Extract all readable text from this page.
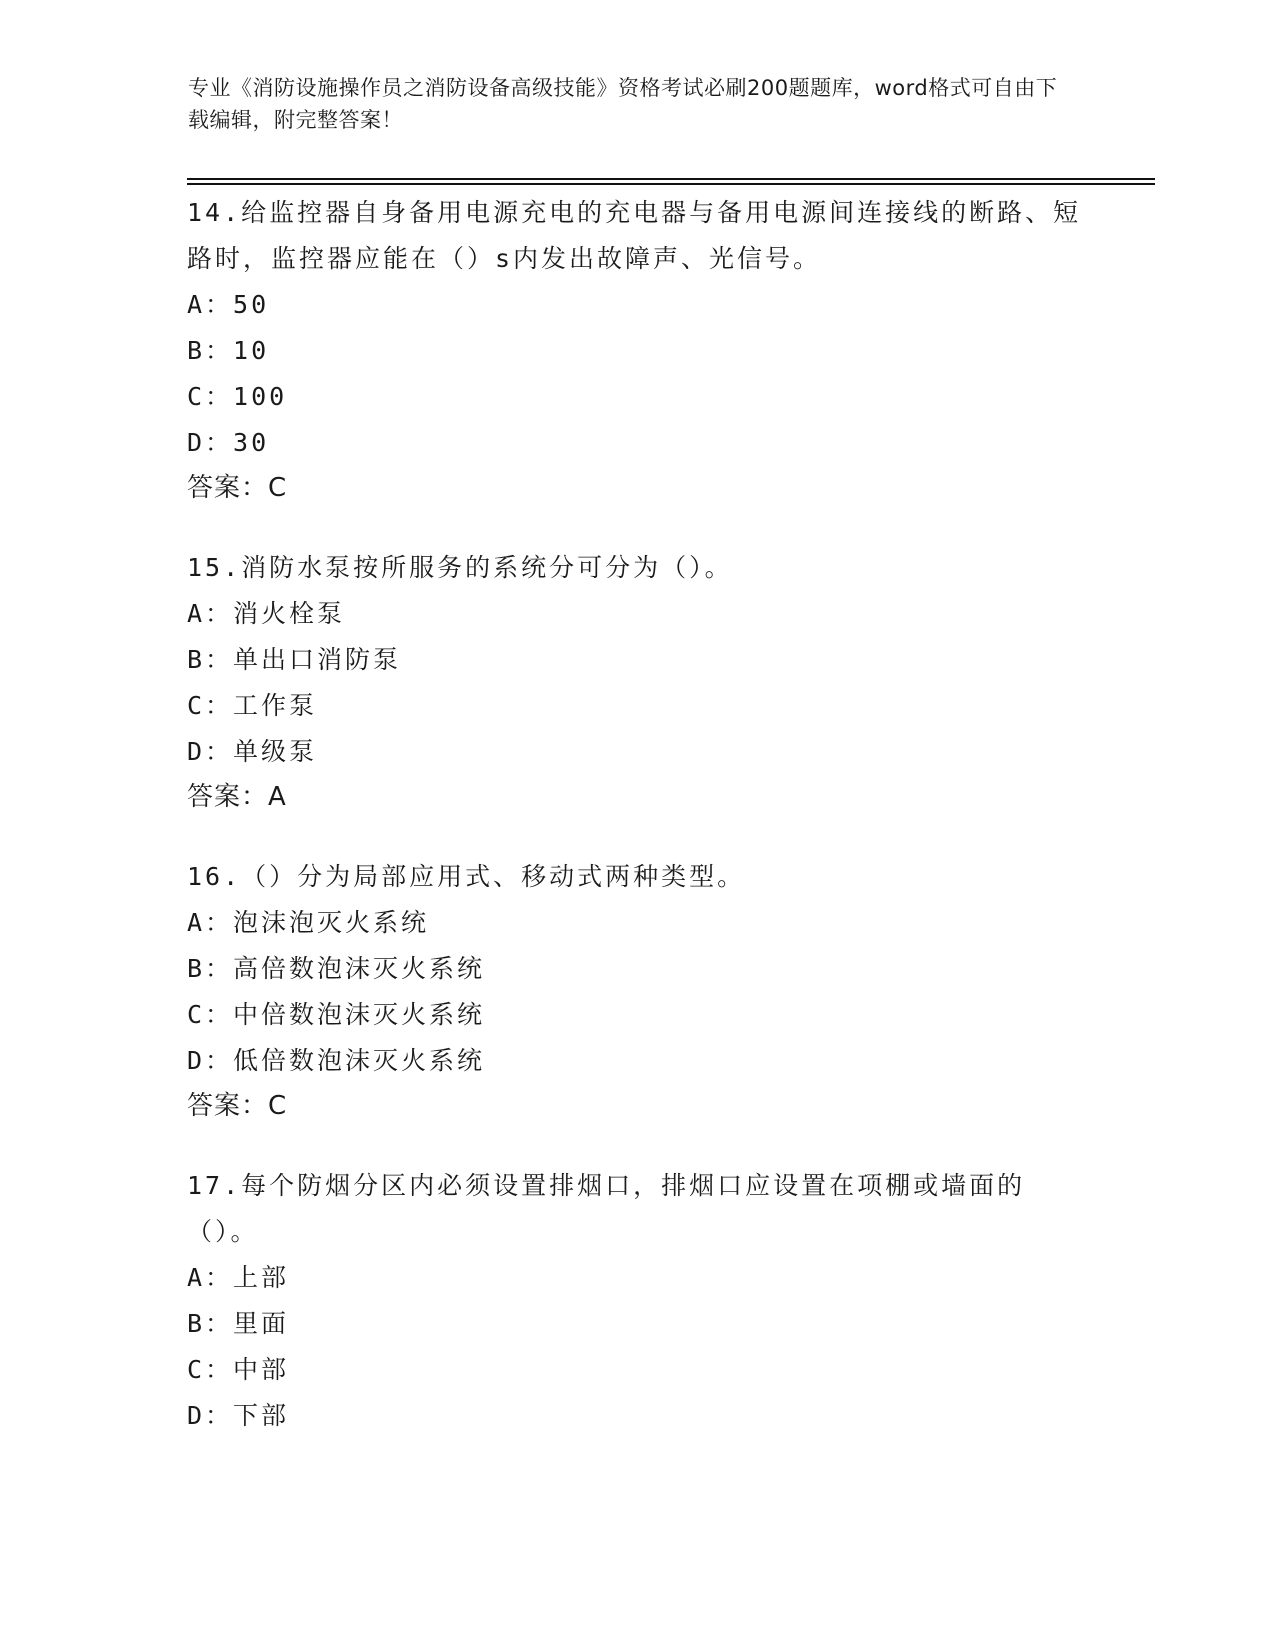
专业《消防设施操作员之消防设备高级技能》资格考试必刷200题题库，word格式可自由下载编辑，附完整答案！
14.给监控器自身备用电源充电的充电器与备用电源间连接线的断路、短路时，监控器应能在（）s内发出故障声、光信号。
A：50
B：10
C：100
D：30
答案：C
15.消防水泵按所服务的系统分可分为（）。
A：消火栓泵
B：单出口消防泵
C：工作泵
D：单级泵
答案：A
16.（）分为局部应用式、移动式两种类型。
A：泡沫泡灭火系统
B：高倍数泡沫灭火系统
C：中倍数泡沫灭火系统
D：低倍数泡沫灭火系统
答案：C
17.每个防烟分区内必须设置排烟口，排烟口应设置在项棚或墙面的（）。
A：上部
B：里面
C：中部
D：下部
